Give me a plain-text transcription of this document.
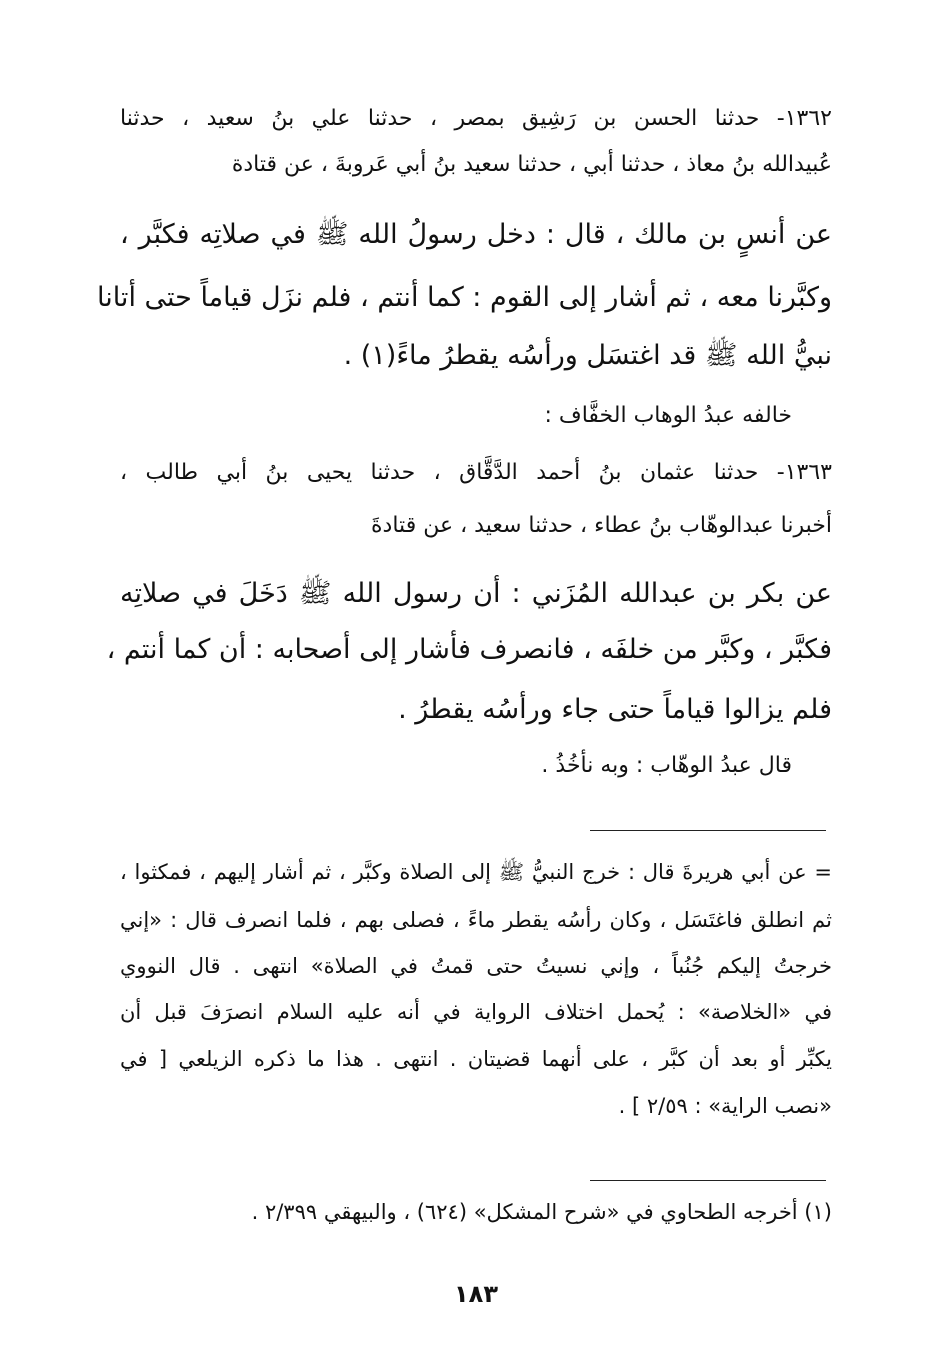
١٣٦٢- حدثنا الحسن بن رَشِيق بمصر ، حدثنا علي بنُ سعيد ، حدثنا
عُبيدالله بنُ معاذ ، حدثنا أبي ، حدثنا سعيد بنُ أبي عَروبةَ ، عن قتادة
عن أنسٍ بن مالك ، قال : دخل رسولُ الله ﷺ في صلاتِه فكبَّر ،
وكبَّرنا معه ، ثم أشار إلى القوم : كما أنتم ، فلم نزَل قياماً حتى أتانا
نبيُّ الله ﷺ قد اغتسَل ورأسُه يقطرُ ماءً(١) .
خالفه عبدُ الوهاب الخفَّاف :
١٣٦٣- حدثنا عثمان بنُ أحمد الدَّقَّاق ، حدثنا يحيى بنُ أبي طالب ،
أخبرنا عبدالوهّاب بنُ عطاء ، حدثنا سعيد ، عن قتادةَ
عن بكر بن عبدالله المُزَني : أن رسول الله ﷺ دَخَلَ في صلاتِه
فكبَّر ، وكبَّر من خلفَه ، فانصرف فأشار إلى أصحابه : أن كما أنتم ،
فلم يزالوا قياماً حتى جاء ورأسُه يقطرُ .
قال عبدُ الوهّاب : وبه نأخُذُ .
= عن أبي هريرةَ قال : خرج النبيُّ ﷺ إلى الصلاة وكبَّر ، ثم أشار إليهم ، فمكثوا ،
ثم انطلق فاغتَسَل ، وكان رأسُه يقطر ماءً ، فصلى بهم ، فلما انصرف قال : «إني
خرجتُ إليكم جُنُباً ، وإني نسيتُ حتى قمتُ في الصلاة» انتهى . قال النووي
في «الخلاصة» : يُحمل اختلاف الرواية في أنه عليه السلام انصرَفَ قبل أن
يكبِّر أو بعد أن كبَّر ، على أنهما قضيتان . انتهى . هذا ما ذكره الزيلعي [ في
«نصب الراية» : ٢/٥٩ ] .
(١) أخرجه الطحاوي في «شرح المشكل» (٦٢٤) ، والبيهقي ٢/٣٩٩ .
١٨٣
